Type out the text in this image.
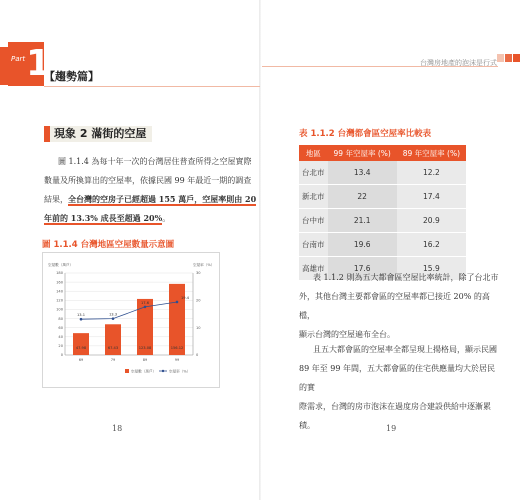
Part 1
【趨勢篇】
現象 2 滿街的空屋
圖 1.1.4 為每十年一次的台灣居住普查所得之空屋實際
數量及所換算出的空屋率，依據民國 99 年最近一期的調查
結果，全台灣的空房子已經超過 155 萬戶，空屋率則由 20
年前的 13.3% 成長至超過 20%。
圖 1.1.4 台灣地區空屋數量示意圖
空屋數（萬戶）	空屋率（%）
0
20
40
60
80
100
120
140
160
180
0
10
20
30
47.98
69
67.43
79
123.08
89
156.12
99
13.1	13.3
17.6
19.4
空屋數（萬戶）	空屋率（%）
18
台灣房地產的泡沫是行式
表 1.1.2 台灣都會區空屋率比較表
地區	99 年空屋率 (%)	89 年空屋率 (%)
台北市	13.4	12.2
新北市	22	17.4
台中市	21.1	20.9
台南市	19.6	16.2
高雄市	17.6	15.9
表 1.1.2 則為五大都會區空屋比率統計，除了台北市
外，其他台灣主要都會區的空屋率都已接近 20% 的高檔，
顯示台灣的空屋遍布全台。
且五大都會區的空屋率全都呈現上揚格局，顯示民國
89 年至 99 年間，五大都會區的住宅供應量均大於居民的實
際需求，台灣的房市泡沫在過度房合建設供給中逐漸累積。	19
